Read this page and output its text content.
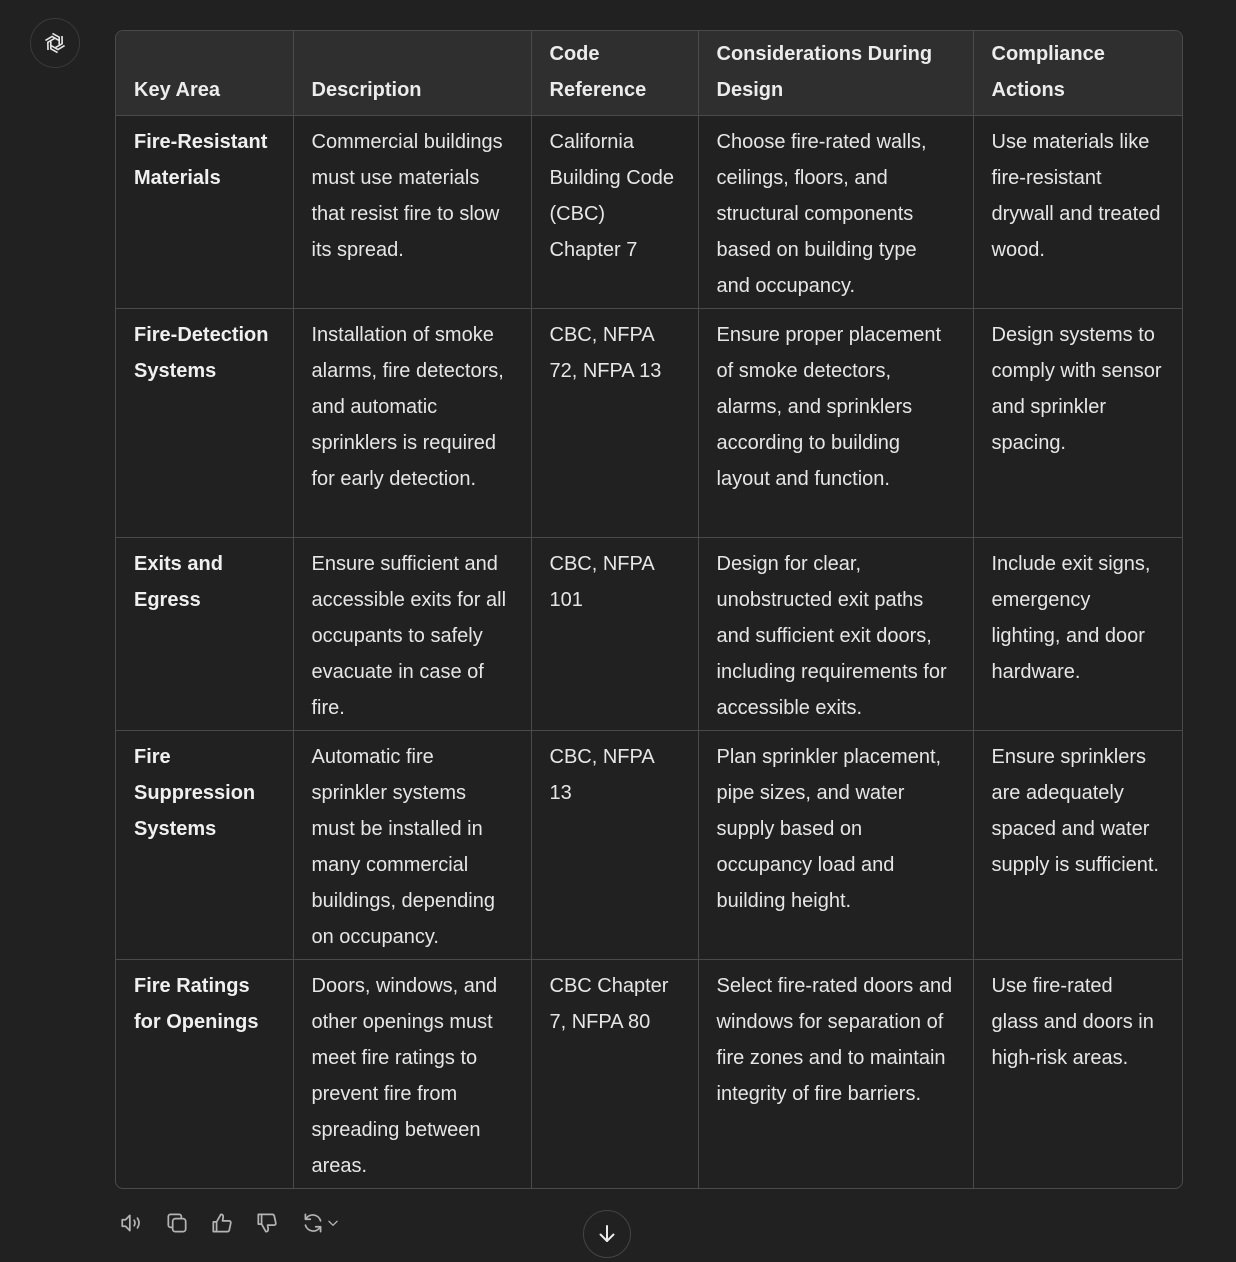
Key Area	Description	Code Reference	Considerations During Design	Compliance Actions
Fire-Resistant Materials	Commercial buildings must use materials that resist fire to slow its spread.	California Building Code (CBC) Chapter 7	Choose fire-rated walls, ceilings, floors, and structural components based on building type and occupancy.	Use materials like fire-resistant drywall and treated wood.
Fire-Detection Systems	Installation of smoke alarms, fire detectors, and automatic sprinklers is required for early detection.	CBC, NFPA 72, NFPA 13	Ensure proper placement of smoke detectors, alarms, and sprinklers according to building layout and function.	Design systems to comply with sensor and sprinkler spacing.
Exits and Egress	Ensure sufficient and accessible exits for all occupants to safely evacuate in case of fire.	CBC, NFPA 101	Design for clear, unobstructed exit paths and sufficient exit doors, including requirements for accessible exits.	Include exit signs, emergency lighting, and door hardware.
Fire Suppression Systems	Automatic fire sprinkler systems must be installed in many commercial buildings, depending on occupancy.	CBC, NFPA 13	Plan sprinkler placement, pipe sizes, and water supply based on occupancy load and building height.	Ensure sprinklers are adequately spaced and water supply is sufficient.
Fire Ratings for Openings	Doors, windows, and other openings must meet fire ratings to prevent fire from spreading between areas.	CBC Chapter 7, NFPA 80	Select fire-rated doors and windows for separation of fire zones and to maintain integrity of fire barriers.	Use fire-rated glass and doors in high-risk areas.
